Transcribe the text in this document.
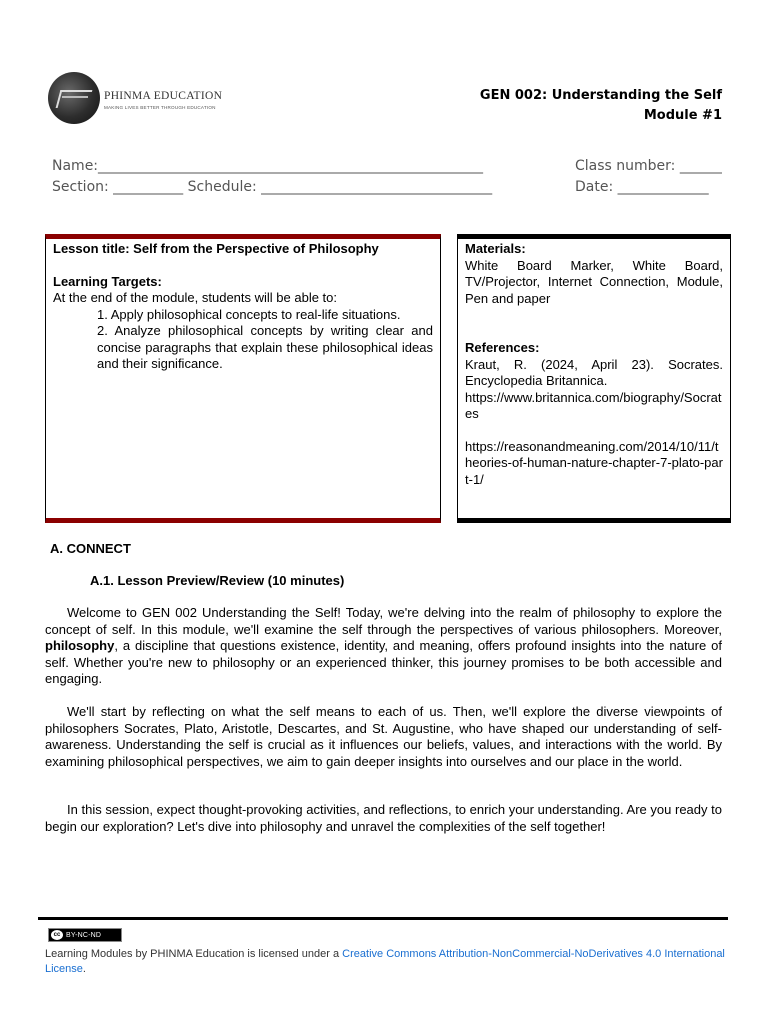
PHINMA EDUCATION
MAKING LIVES BETTER THROUGH EDUCATION
GEN 002: Understanding the Self
Module #1
Name:_______________________________________________________	Class number: ______
Section: __________ Schedule: _________________________________	Date: _____________
Lesson title: Self from the Perspective of Philosophy
Learning Targets:
At the end of the module, students will be able to:
1. Apply philosophical concepts to real-life situations.
2. Analyze philosophical concepts by writing clear and concise paragraphs that explain these philosophical ideas and their significance.
Materials:
White Board Marker, White Board, TV/Projector, Internet Connection, Module, Pen and paper
References:
Kraut, R. (2024, April 23). Socrates. Encyclopedia Britannica.
https://www.britannica.com/biography/Socrates
https://reasonandmeaning.com/2014/10/11/theories-of-human-nature-chapter-7-plato-part-1/
A. CONNECT
A.1. Lesson Preview/Review (10 minutes)

Welcome to GEN 002 Understanding the Self! Today, we're delving into the realm of philosophy to explore the concept of self. In this module, we'll examine the self through the perspectives of various philosophers. Moreover, philosophy, a discipline that questions existence, identity, and meaning, offers profound insights into the nature of self. Whether you're new to philosophy or an experienced thinker, this journey promises to be both accessible and engaging.

We'll start by reflecting on what the self means to each of us. Then, we'll explore the diverse viewpoints of philosophers Socrates, Plato, Aristotle, Descartes, and St. Augustine, who have shaped our understanding of self-awareness. Understanding the self is crucial as it influences our beliefs, values, and interactions with the world. By examining philosophical perspectives, we aim to gain deeper insights into ourselves and our place in the world.

In this session, expect thought-provoking activities, and reflections, to enrich your understanding. Are you ready to begin our exploration? Let's dive into philosophy and unravel the complexities of the self together!

cc BY-NC-ND
Learning Modules by PHINMA Education is licensed under a Creative Commons Attribution-NonCommercial-NoDerivatives 4.0 International License.
